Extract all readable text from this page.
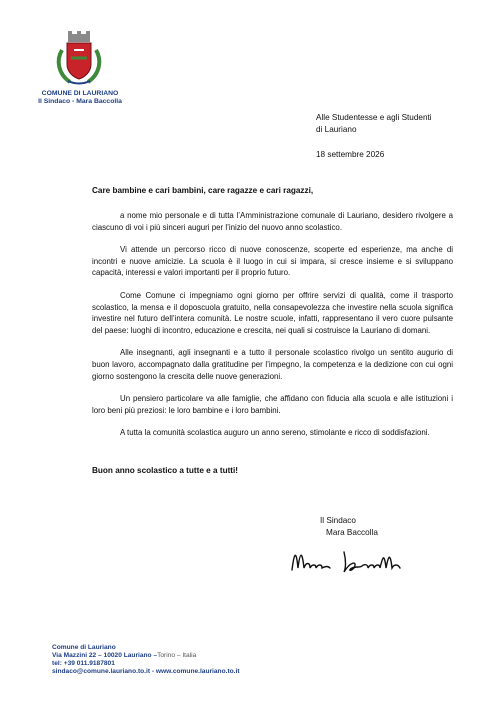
COMUNE DI LAURIANO
Il Sindaco - Mara Baccolla
Alle Studentesse e agli Studenti
di Lauriano
18 settembre 2026
Care bambine e cari bambini, care ragazze e cari ragazzi,

a nome mio personale e di tutta l’Amministrazione comunale di Lauriano, desidero rivolgere a ciascuno di voi i più sinceri auguri per l’inizio del nuovo anno scolastico.

Vi attende un percorso ricco di nuove conoscenze, scoperte ed esperienze, ma anche di incontri e nuove amicizie. La scuola è il luogo in cui si impara, si cresce insieme e si sviluppano capacità, interessi e valori importanti per il proprio futuro.

Come Comune ci impegniamo ogni giorno per offrire servizi di qualità, come il trasporto scolastico, la mensa e il doposcuola gratuito, nella consapevolezza che investire nella scuola significa investire nel futuro dell’intera comunità. Le nostre scuole, infatti, rappresentano il vero cuore pulsante del paese: luoghi di incontro, educazione e crescita, nei quali si costruisce la Lauriano di domani.

Alle insegnanti, agli insegnanti e a tutto il personale scolastico rivolgo un sentito augurio di buon lavoro, accompagnato dalla gratitudine per l’impegno, la competenza e la dedizione con cui ogni giorno sostengono la crescita delle nuove generazioni.

Un pensiero particolare va alle famiglie, che affidano con fiducia alla scuola e alle istituzioni i loro beni più preziosi: le loro bambine e i loro bambini.

A tutta la comunità scolastica auguro un anno sereno, stimolante e ricco di soddisfazioni.

Buon anno scolastico a tutte e a tutti!
Il Sindaco
Mara Baccolla
Comune di Lauriano
Via Mazzini 22 – 10020 Lauriano –Torino – Italia
tel: +39 011.9187801
sindaco@comune.lauriano.to.it - www.comune.lauriano.to.it
